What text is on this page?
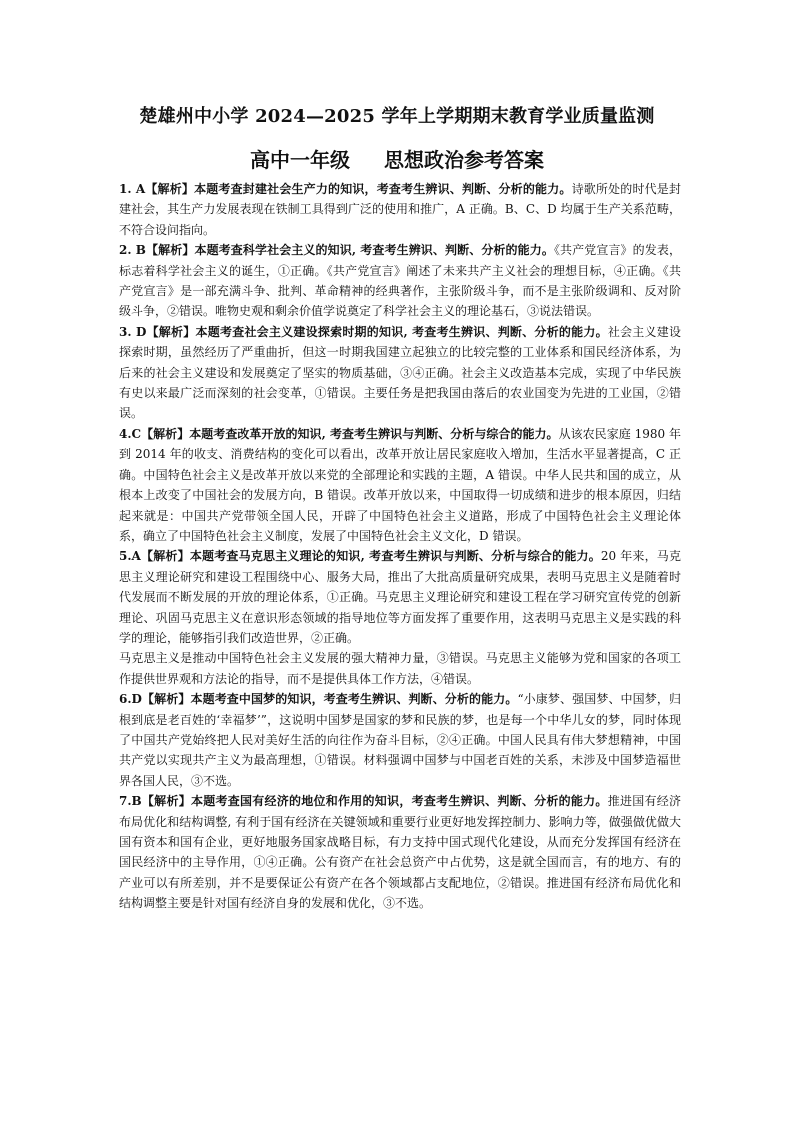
楚雄州中小学 2024—2025 学年上学期期末教育学业质量监测
高中一年级 思想政治参考答案

1. A【解析】本题考查封建社会生产力的知识，考查考生辨识、判断、分析的能力。诗歌所处的时代是封建社会，其生产力发展表现在铁制工具得到广泛的使用和推广，A 正确。B、C、D 均属于生产关系范畴，不符合设问指向。

2. B【解析】本题考查科学社会主义的知识, 考查考生辨识、判断、分析的能力。《共产党宣言》的发表，标志着科学社会主义的诞生，①正确。《共产党宣言》阐述了未来共产主义社会的理想目标，④正确。《共产党宣言》是一部充满斗争、批判、革命精神的经典著作，主张阶级斗争，而不是主张阶级调和、反对阶级斗争，②错误。唯物史观和剩余价值学说奠定了科学社会主义的理论基石，③说法错误。

3. D【解析】本题考查社会主义建设探索时期的知识, 考查考生辨识、判断、分析的能力。社会主义建设探索时期，虽然经历了严重曲折，但这一时期我国建立起独立的比较完整的工业体系和国民经济体系，为后来的社会主义建设和发展奠定了坚实的物质基础，③④正确。社会主义改造基本完成，实现了中华民族有史以来最广泛而深刻的社会变革，①错误。主要任务是把我国由落后的农业国变为先进的工业国，②错误。

4.C【解析】本题考查改革开放的知识, 考查考生辨识与判断、分析与综合的能力。从该农民家庭 1980 年到 2014 年的收支、消费结构的变化可以看出，改革开放让居民家庭收入增加，生活水平显著提高，C 正确。中国特色社会主义是改革开放以来党的全部理论和实践的主题，A 错误。中华人民共和国的成立，从根本上改变了中国社会的发展方向，B 错误。改革开放以来，中国取得一切成绩和进步的根本原因，归结起来就是：中国共产党带领全国人民，开辟了中国特色社会主义道路，形成了中国特色社会主义理论体系，确立了中国特色社会主义制度，发展了中国特色社会主义文化，D 错误。

5.A【解析】本题考查马克思主义理论的知识, 考查考生辨识与判断、分析与综合的能力。20 年来，马克思主义理论研究和建设工程围绕中心、服务大局，推出了大批高质量研究成果，表明马克思主义是随着时代发展而不断发展的开放的理论体系，①正确。马克思主义理论研究和建设工程在学习研究宣传党的创新理论、巩固马克思主义在意识形态领域的指导地位等方面发挥了重要作用，这表明马克思主义是实践的科学的理论，能够指引我们改造世界，②正确。

马克思主义是推动中国特色社会主义发展的强大精神力量，③错误。马克思主义能够为党和国家的各项工作提供世界观和方法论的指导，而不是提供具体工作方法，④错误。

6.D【解析】本题考查中国梦的知识，考查考生辨识、判断、分析的能力。“小康梦、强国梦、中国梦，归根到底是老百姓的‘幸福梦’”，这说明中国梦是国家的梦和民族的梦，也是每一个中华儿女的梦，同时体现了中国共产党始终把人民对美好生活的向往作为奋斗目标，②④正确。中国人民具有伟大梦想精神，中国共产党以实现共产主义为最高理想，①错误。材料强调中国梦与中国老百姓的关系，未涉及中国梦造福世界各国人民，③不选。

7.B【解析】本题考查国有经济的地位和作用的知识，考查考生辨识、判断、分析的能力。推进国有经济布局优化和结构调整, 有利于国有经济在关键领域和重要行业更好地发挥控制力、影响力等，做强做优做大国有资本和国有企业，更好地服务国家战略目标，有力支持中国式现代化建设，从而充分发挥国有经济在国民经济中的主导作用，①④正确。公有资产在社会总资产中占优势，这是就全国而言，有的地方、有的产业可以有所差别，并不是要保证公有资产在各个领域都占支配地位，②错误。推进国有经济布局优化和结构调整主要是针对国有经济自身的发展和优化，③不选。
